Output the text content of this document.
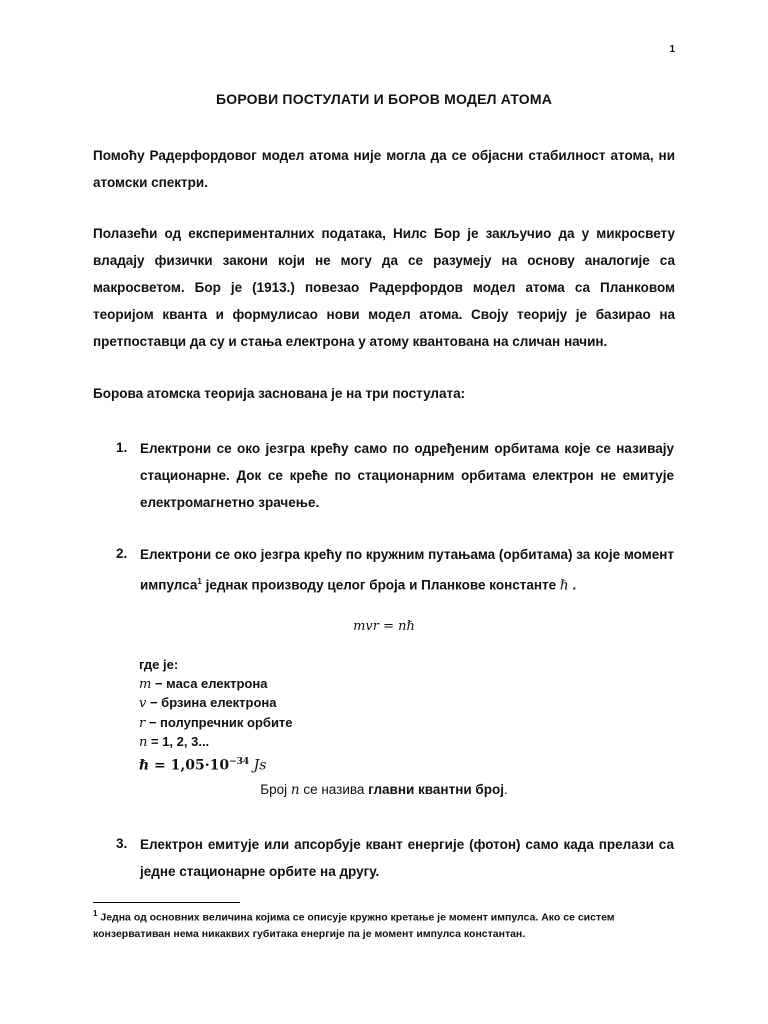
1
БОРОВИ ПОСТУЛАТИ И БОРОВ МОДЕЛ АТОМА
Помоћу Радерфордовог модел атома није могла да се објасни стабилност атома, ни атомски спектри.
Полазећи од експерименталних података, Нилс Бор је закључио да у микросвету владају физички закони који не могу да се разумеју на основу аналогије са макросветом. Бор је (1913.) повезао Радерфордов модел атома са Планковом теоријом кванта и формулисао нови модел атома. Своју теорију је базирао на претпоставци да су и стања електрона у атому квантована на сличан начин.
Борова атомска теорија заснована је на три постулата:
1. Електрони се око језгра крећу само по одређеним орбитама које се називају стационарне. Док се креће по стационарним орбитама електрон не емитује електромагнетно зрачење.
2. Електрони се око језгра крећу по кружним путањама (орбитама) за које момент импулса$^1$ једнак производу целог броја и Планкове константе ℏ .
mvr = nℏ
где је:
m − маса електрона
v − брзина електрона
r − полупречник орбите
n = 1, 2, 3...
ℏ = $1,05\cdot 10^{-34}$ Js
Број n се назива главни квантни број.
3. Електрон емитује или апсорбује квант енергије (фотон) само када прелази са једне стационарне орбите на другу.
$^1$ Једна од основних величина којима се описује кружно кретање је момент импулса. Ако се систем конзервативан нема никаквих губитака енергије па је момент импулса константан.
